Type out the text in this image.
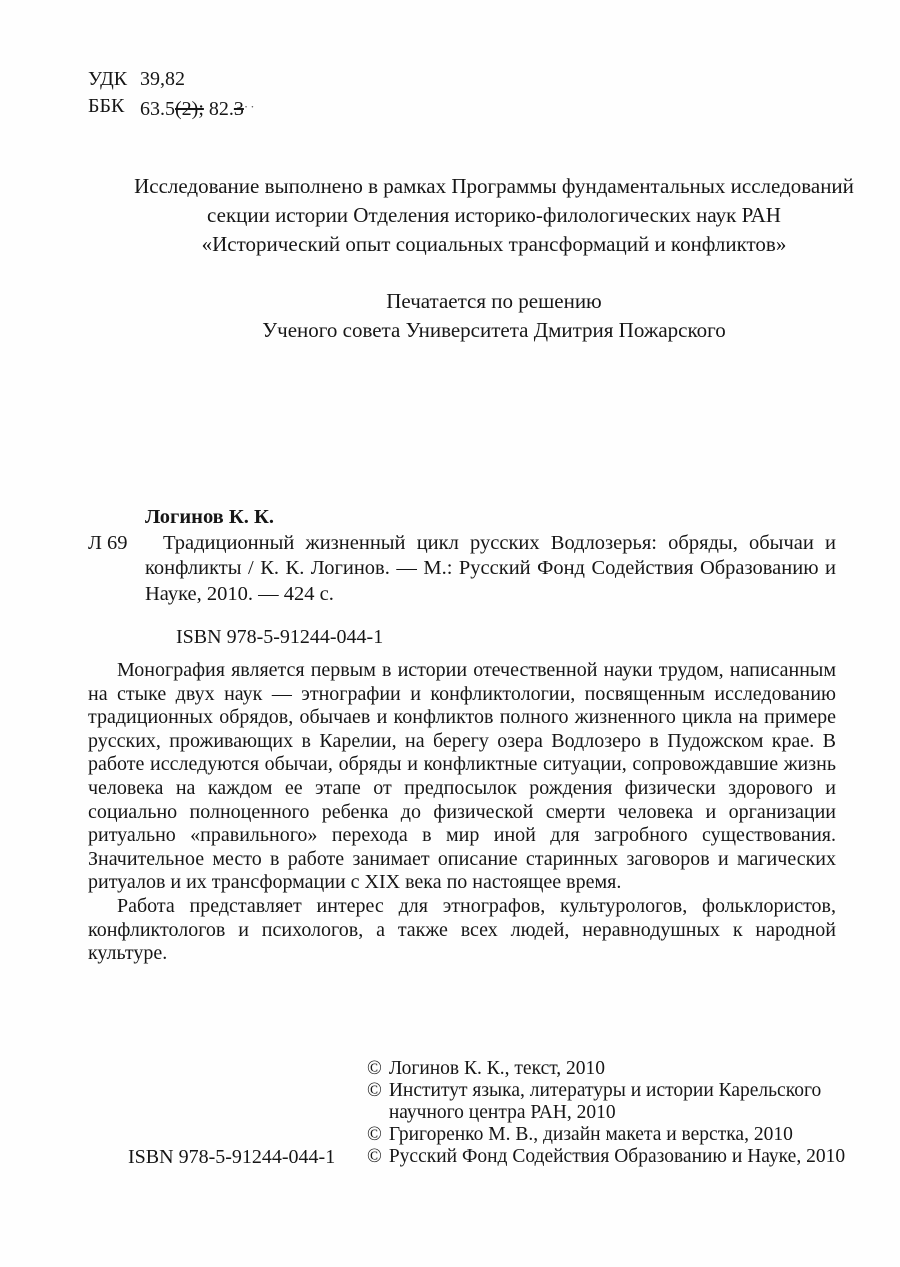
УДК 39,82
ББК 63.5(2); 82.3··
Исследование выполнено в рамках Программы фундаментальных исследований
секции истории Отделения историко-филологических наук РАН
«Исторический опыт социальных трансформаций и конфликтов»
Печатается по решению
Ученого совета Университета Дмитрия Пожарского
Логинов К. К.
Л 69	Традиционный жизненный цикл русских Водлозерья: обряды, обычаи и конфликты / К. К. Логинов. — М.: Русский Фонд Содействия Образованию и Науке, 2010. — 424 с.
ISBN 978-5-91244-044-1

Монография является первым в истории отечественной науки трудом, написанным на стыке двух наук — этнографии и конфликтологии, посвященным исследованию традиционных обрядов, обычаев и конфликтов полного жизненного цикла на примере русских, проживающих в Карелии, на берегу озера Водлозеро в Пудожском крае. В работе исследуются обычаи, обряды и конфликтные ситуации, сопровождавшие жизнь человека на каждом ее этапе от предпосылок рождения физически здорового и социально полноценного ребенка до физической смерти человека и организации ритуально «правильного» перехода в мир иной для загробного существования. Значительное место в работе занимает описание старинных заговоров и магических ритуалов и их трансформации с XIX века по настоящее время.

Работа представляет интерес для этнографов, культурологов, фольклористов, конфликтологов и психологов, а также всех людей, неравнодушных к народной культуре.

© Логинов К. К., текст, 2010
© Институт языка, литературы и истории Карельского научного центра РАН, 2010
© Григоренко М. В., дизайн макета и верстка, 2010
© Русский Фонд Содействия Образованию и Науке, 2010
ISBN 978-5-91244-044-1
